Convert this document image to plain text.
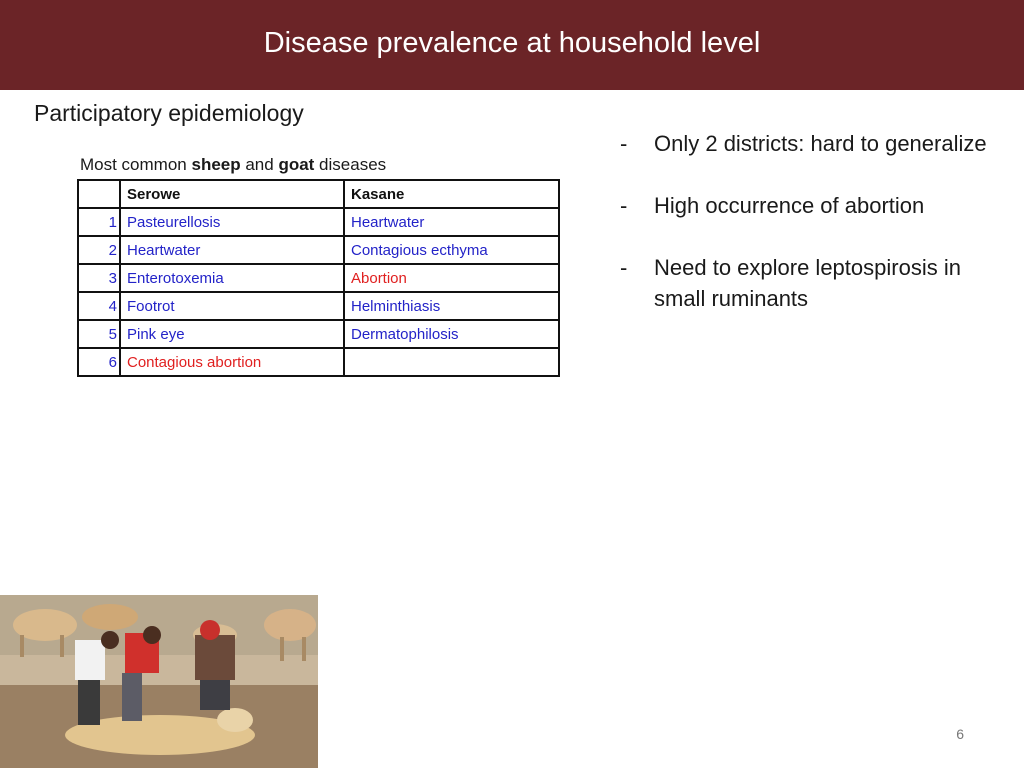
Disease prevalence at household level
Participatory epidemiology
Most common sheep and goat diseases
	Serowe	Kasane
1	Pasteurellosis	Heartwater
2	Heartwater	Contagious ecthyma
3	Enterotoxemia	Abortion
4	Footrot	Helminthiasis
5	Pink eye	Dermatophilosis
6	Contagious abortion	
- Only 2 districts: hard to generalize
- High occurrence of abortion
- Need to explore leptospirosis in small ruminants
6
